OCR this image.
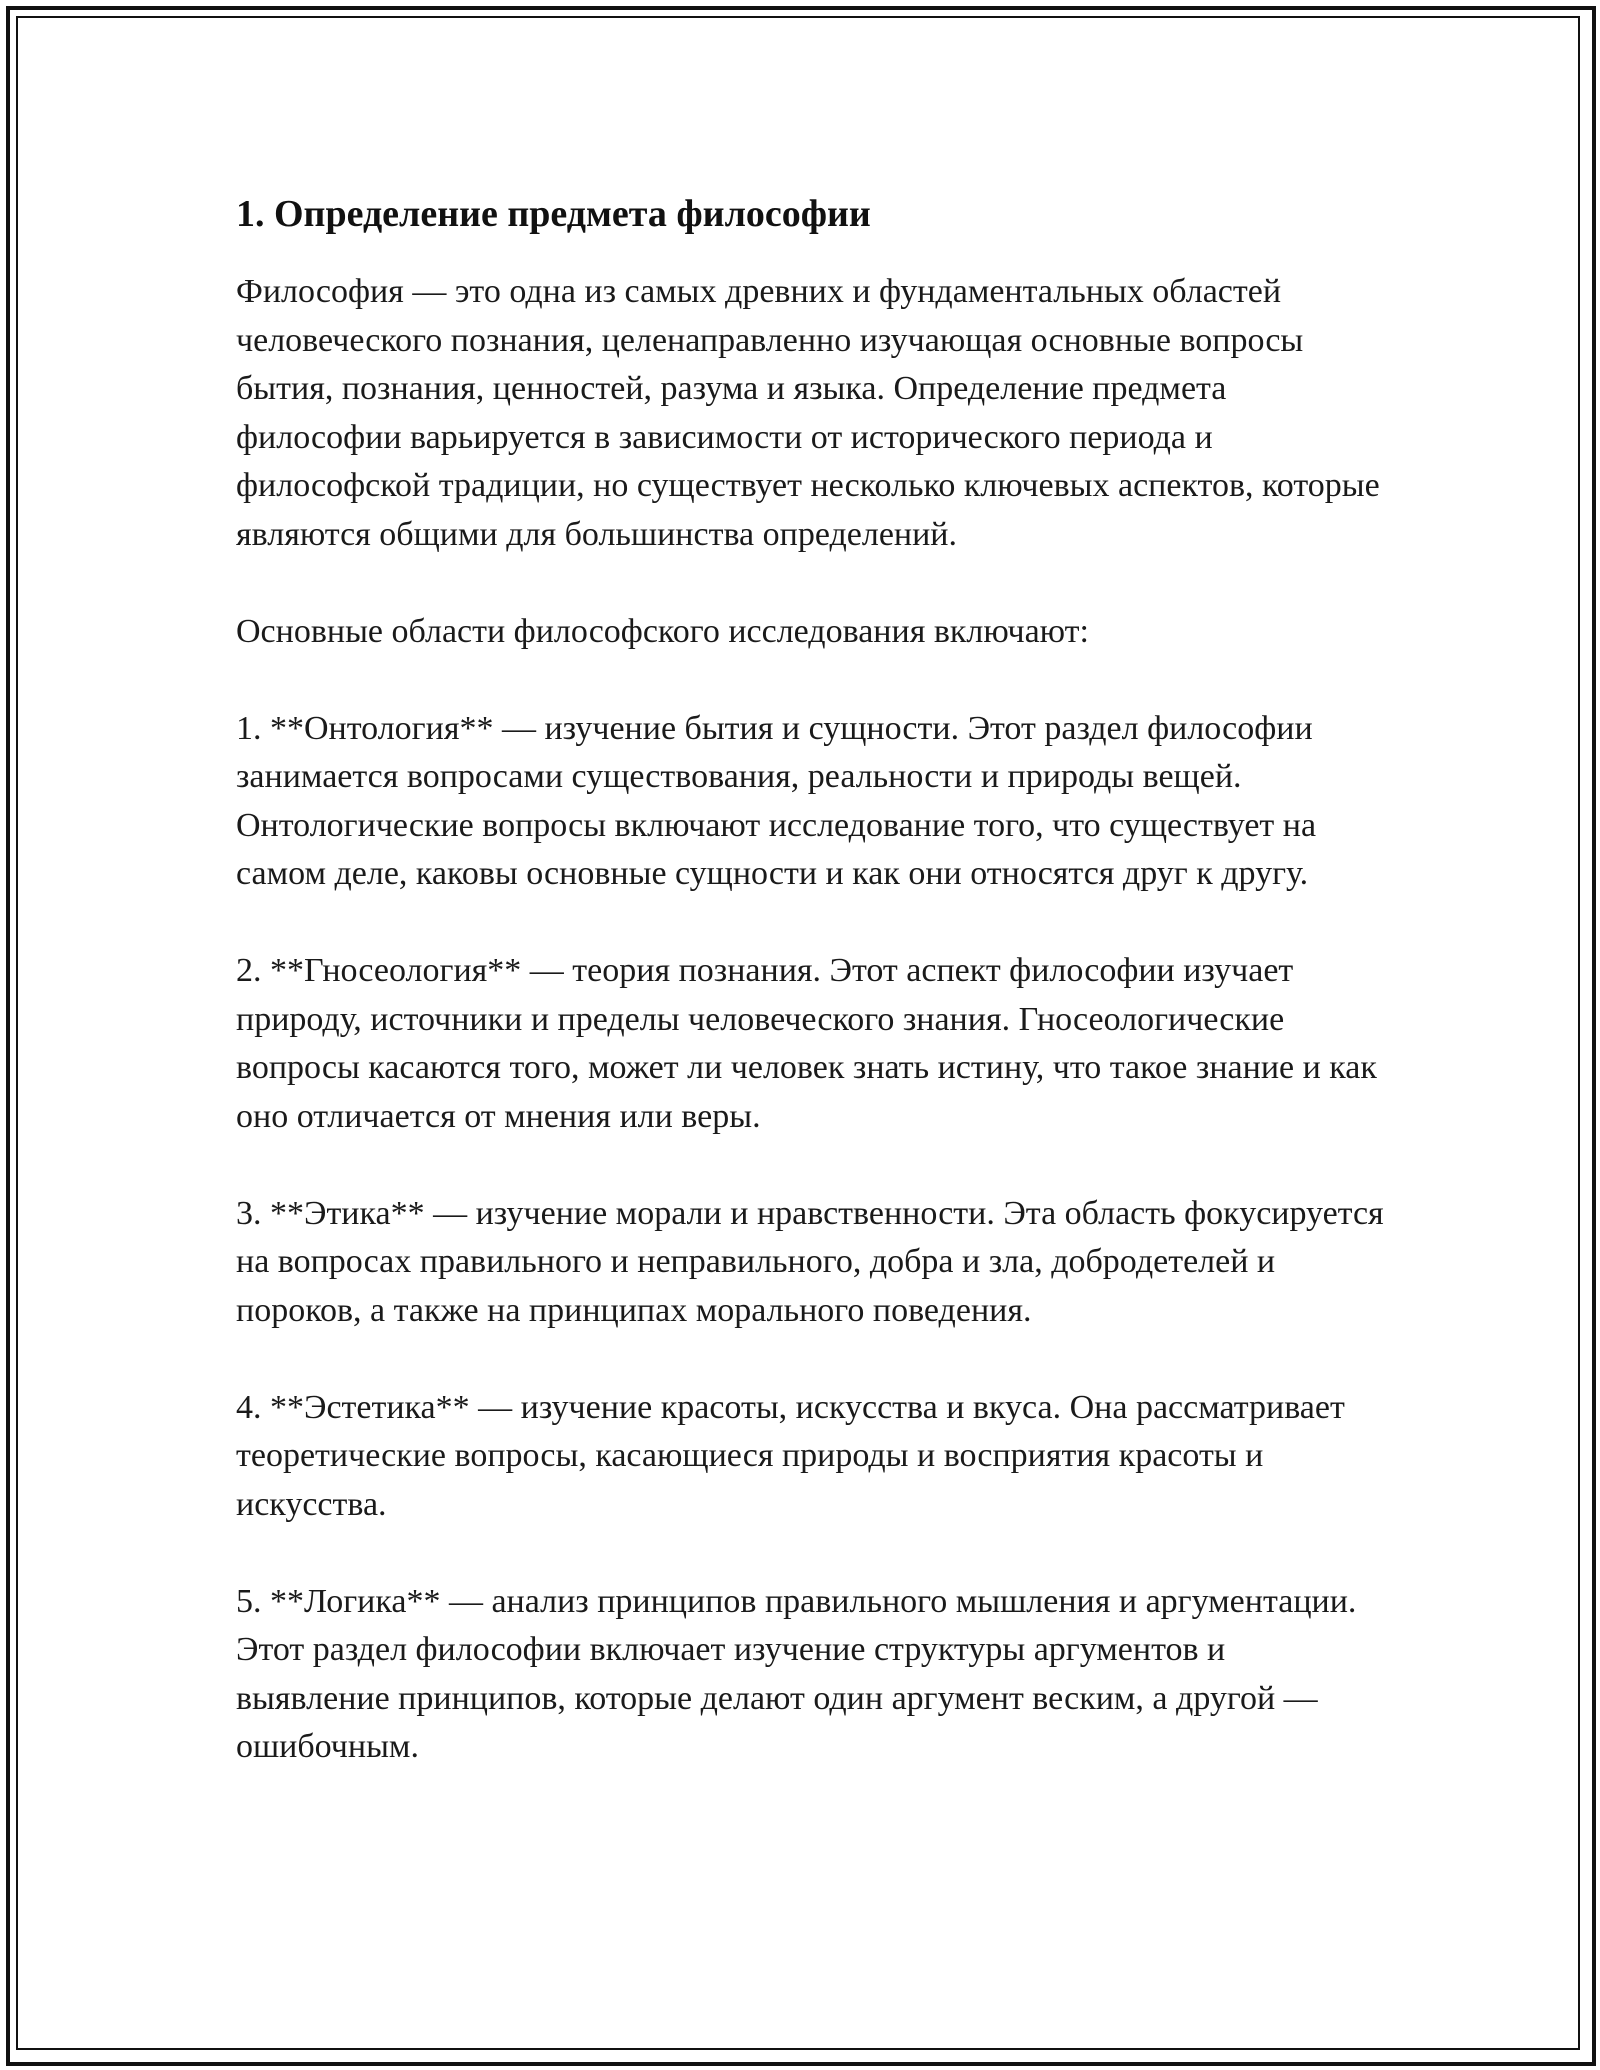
1. Определение предмета философии

Философия — это одна из самых древних и фундаментальных областей человеческого познания, целенаправленно изучающая основные вопросы бытия, познания, ценностей, разума и языка. Определение предмета философии варьируется в зависимости от исторического периода и философской традиции, но существует несколько ключевых аспектов, которые являются общими для большинства определений.

Основные области философского исследования включают:

1. **Онтология** — изучение бытия и сущности. Этот раздел философии занимается вопросами существования, реальности и природы вещей. Онтологические вопросы включают исследование того, что существует на самом деле, каковы основные сущности и как они относятся друг к другу.

2. **Гносеология** — теория познания. Этот аспект философии изучает природу, источники и пределы человеческого знания. Гносеологические вопросы касаются того, может ли человек знать истину, что такое знание и как оно отличается от мнения или веры.

3. **Этика** — изучение морали и нравственности. Эта область фокусируется на вопросах правильного и неправильного, добра и зла, добродетелей и пороков, а также на принципах морального поведения.

4. **Эстетика** — изучение красоты, искусства и вкуса. Она рассматривает теоретические вопросы, касающиеся природы и восприятия красоты и искусства.

5. **Логика** — анализ принципов правильного мышления и аргументации. Этот раздел философии включает изучение структуры аргументов и выявление принципов, которые делают один аргумент веским, а другой — ошибочным.
